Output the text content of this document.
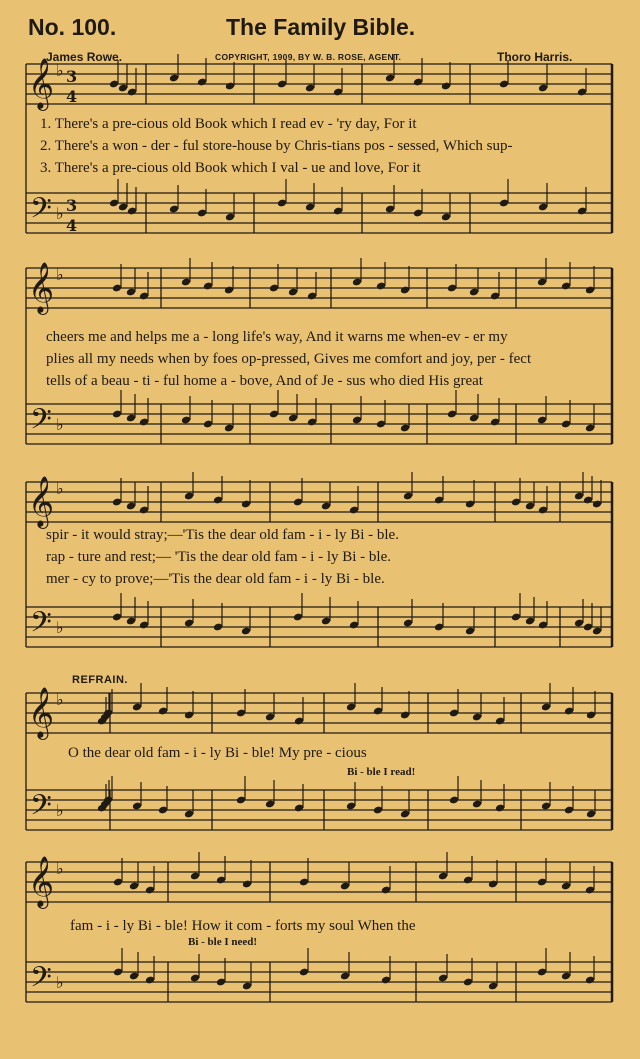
No. 100.	The Family Bible.
James Rowe.	COPYRIGHT, 1909, BY W. B. ROSE, AGENT.	Thoro Harris.
𝄞
𝄢
♭
♭
3
4
3
4
𝄞
𝄢
♭
♭
𝄞
𝄢
♭
♭
𝄞
𝄢
♭
♭
𝄞
𝄢
♭
♭
1. There's a pre-cious old Book which I read ev - 'ry day, For it
2. There's a won - der - ful store-house by Chris-tians pos - sessed, Which sup-
3. There's a pre-cious old Book which I val - ue and love, For it
cheers me and helps me a - long life's way, And it warns me when-ev - er my
plies all my needs when by foes op-pressed, Gives me comfort and joy, per - fect
tells of a beau - ti - ful home a - bove, And of Je - sus who died His great
spir - it would stray;—'Tis the dear old fam - i - ly Bi - ble.
rap - ture and rest;— 'Tis the dear old fam - i - ly Bi - ble.
mer - cy to prove;—'Tis the dear old fam - i - ly Bi - ble.
REFRAIN.
O the dear old fam - i - ly Bi - ble! My pre - cious
Bi - ble I read!
fam - i - ly Bi - ble! How it com - forts my soul When the
Bi - ble I need!
